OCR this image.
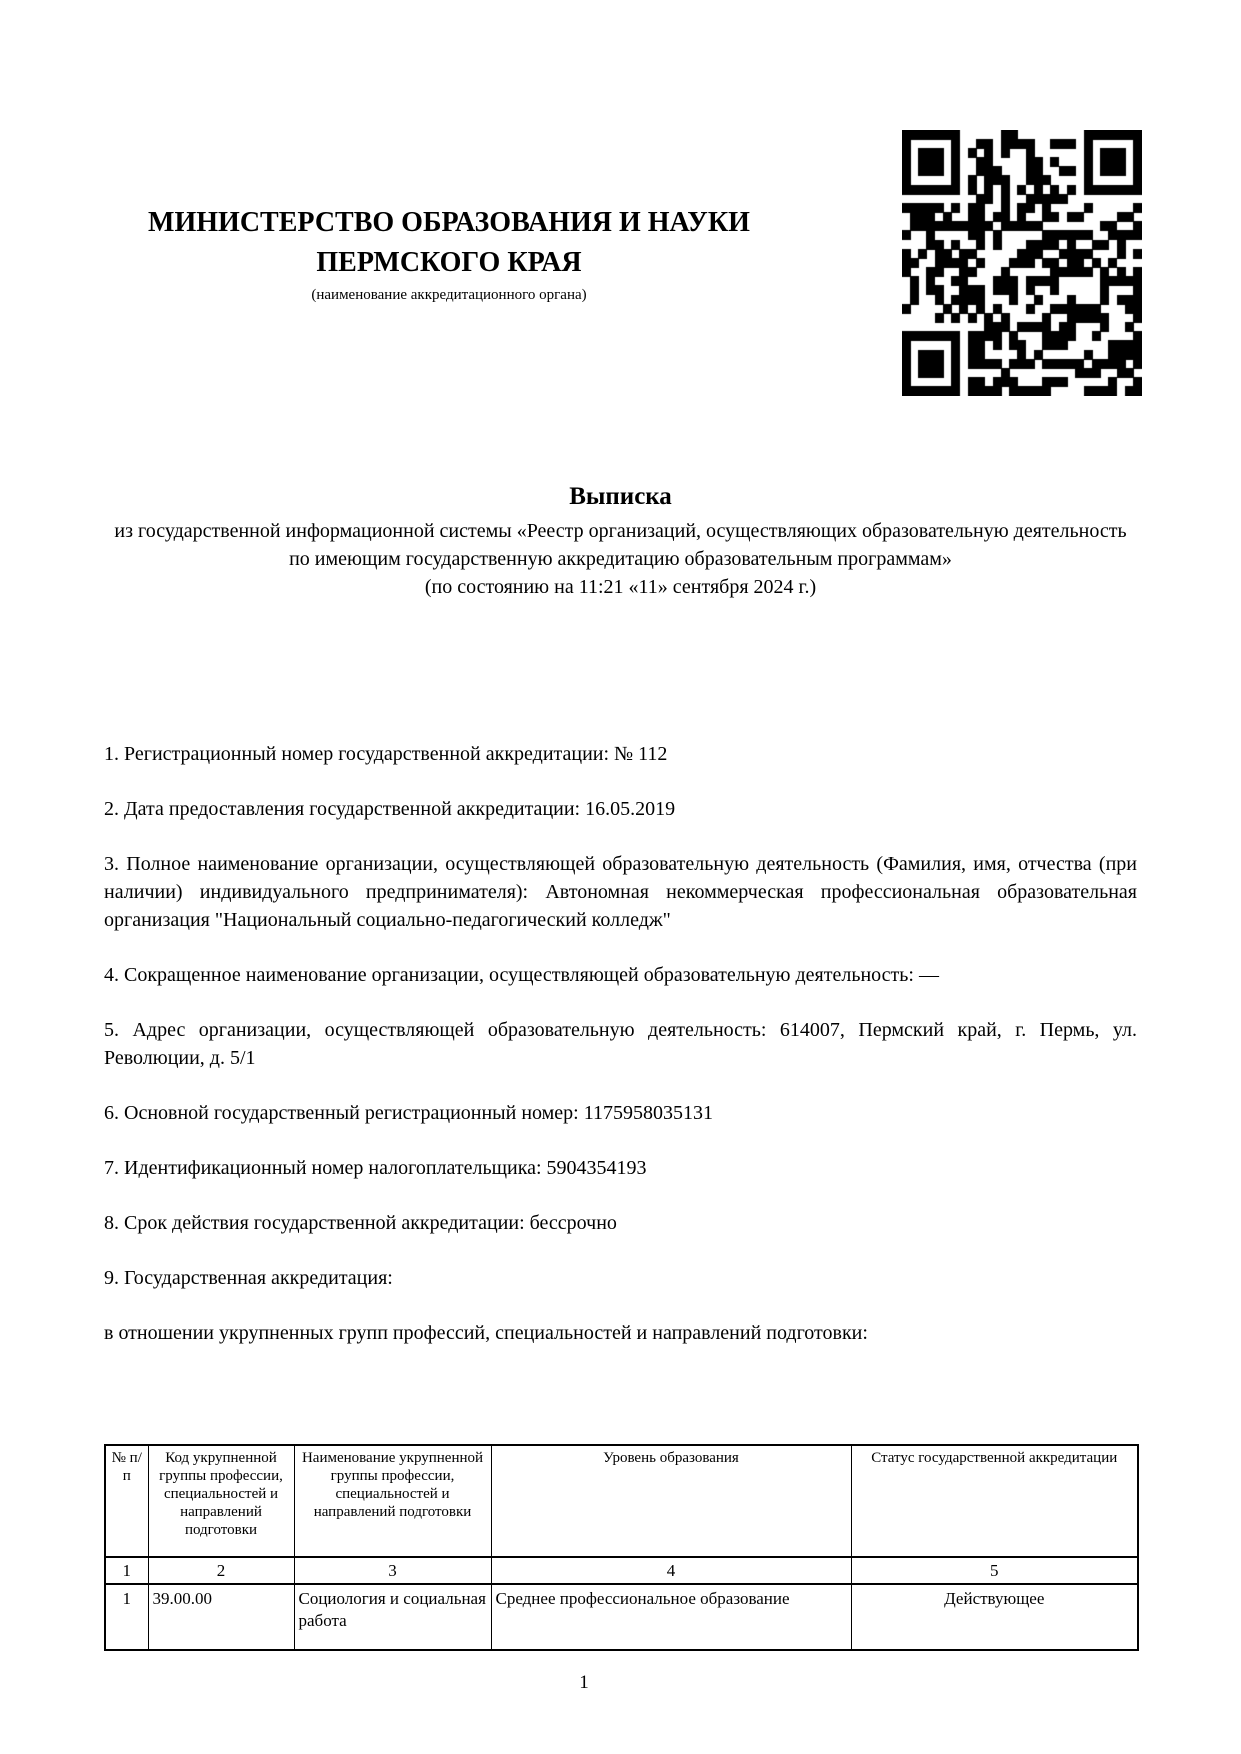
МИНИСТЕРСТВО ОБРАЗОВАНИЯ И НАУКИ
ПЕРМСКОГО КРАЯ
(наименование аккредитационного органа)
Выписка

из государственной информационной системы «Реестр организаций, осуществляющих образовательную деятельность по имеющим государственную аккредитацию образовательным программам»

(по состоянию на 11:21 «11» сентября 2024 г.)

1. Регистрационный номер государственной аккредитации: № 112

2. Дата предоставления государственной аккредитации: 16.05.2019

3. Полное наименование организации, осуществляющей образовательную деятельность (Фамилия, имя, отчества (при наличии) индивидуального предпринимателя): Автономная некоммерческая профессиональная образовательная организация "Национальный социально-педагогический колледж"

4. Сокращенное наименование организации, осуществляющей образовательную деятельность: —

5. Адрес организации, осуществляющей образовательную деятельность: 614007, Пермский край, г. Пермь, ул. Революции, д. 5/1

6. Основной государственный регистрационный номер: 1175958035131

7. Идентификационный номер налогоплательщика: 5904354193

8. Срок действия государственной аккредитации: бессрочно

9. Государственная аккредитация:

в отношении укрупненных групп профессий, специальностей и направлений подготовки:

№ п/п	Код укрупненной группы профессии, специальностей и направлений подготовки	Наименование укрупненной группы профессии, специальностей и направлений подготовки	Уровень образования	Статус государственной аккредитации
1	2	3	4	5
1	39.00.00	Социология и социальная работа	Среднее профессиональное образование	Действующее
1
